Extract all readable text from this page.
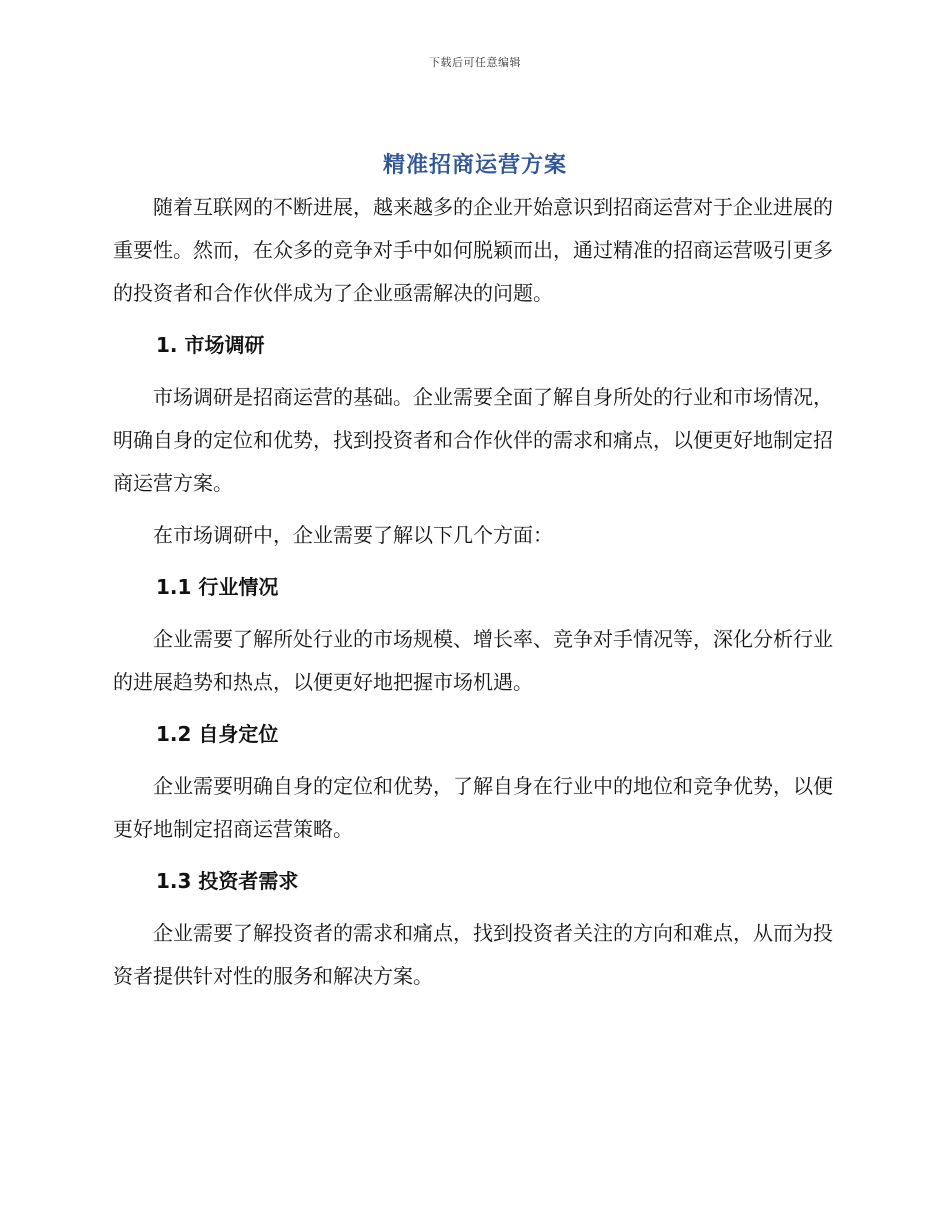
下载后可任意编辑
精准招商运营方案

随着互联网的不断进展，越来越多的企业开始意识到招商运营对于企业进展的重要性。然而，在众多的竞争对手中如何脱颖而出，通过精准的招商运营吸引更多的投资者和合作伙伴成为了企业亟需解决的问题。

1. 市场调研

市场调研是招商运营的基础。企业需要全面了解自身所处的行业和市场情况，明确自身的定位和优势，找到投资者和合作伙伴的需求和痛点，以便更好地制定招商运营方案。

在市场调研中，企业需要了解以下几个方面：

1.1 行业情况

企业需要了解所处行业的市场规模、增长率、竞争对手情况等，深化分析行业的进展趋势和热点，以便更好地把握市场机遇。

1.2 自身定位

企业需要明确自身的定位和优势，了解自身在行业中的地位和竞争优势，以便更好地制定招商运营策略。

1.3 投资者需求

企业需要了解投资者的需求和痛点，找到投资者关注的方向和难点，从而为投资者提供针对性的服务和解决方案。
